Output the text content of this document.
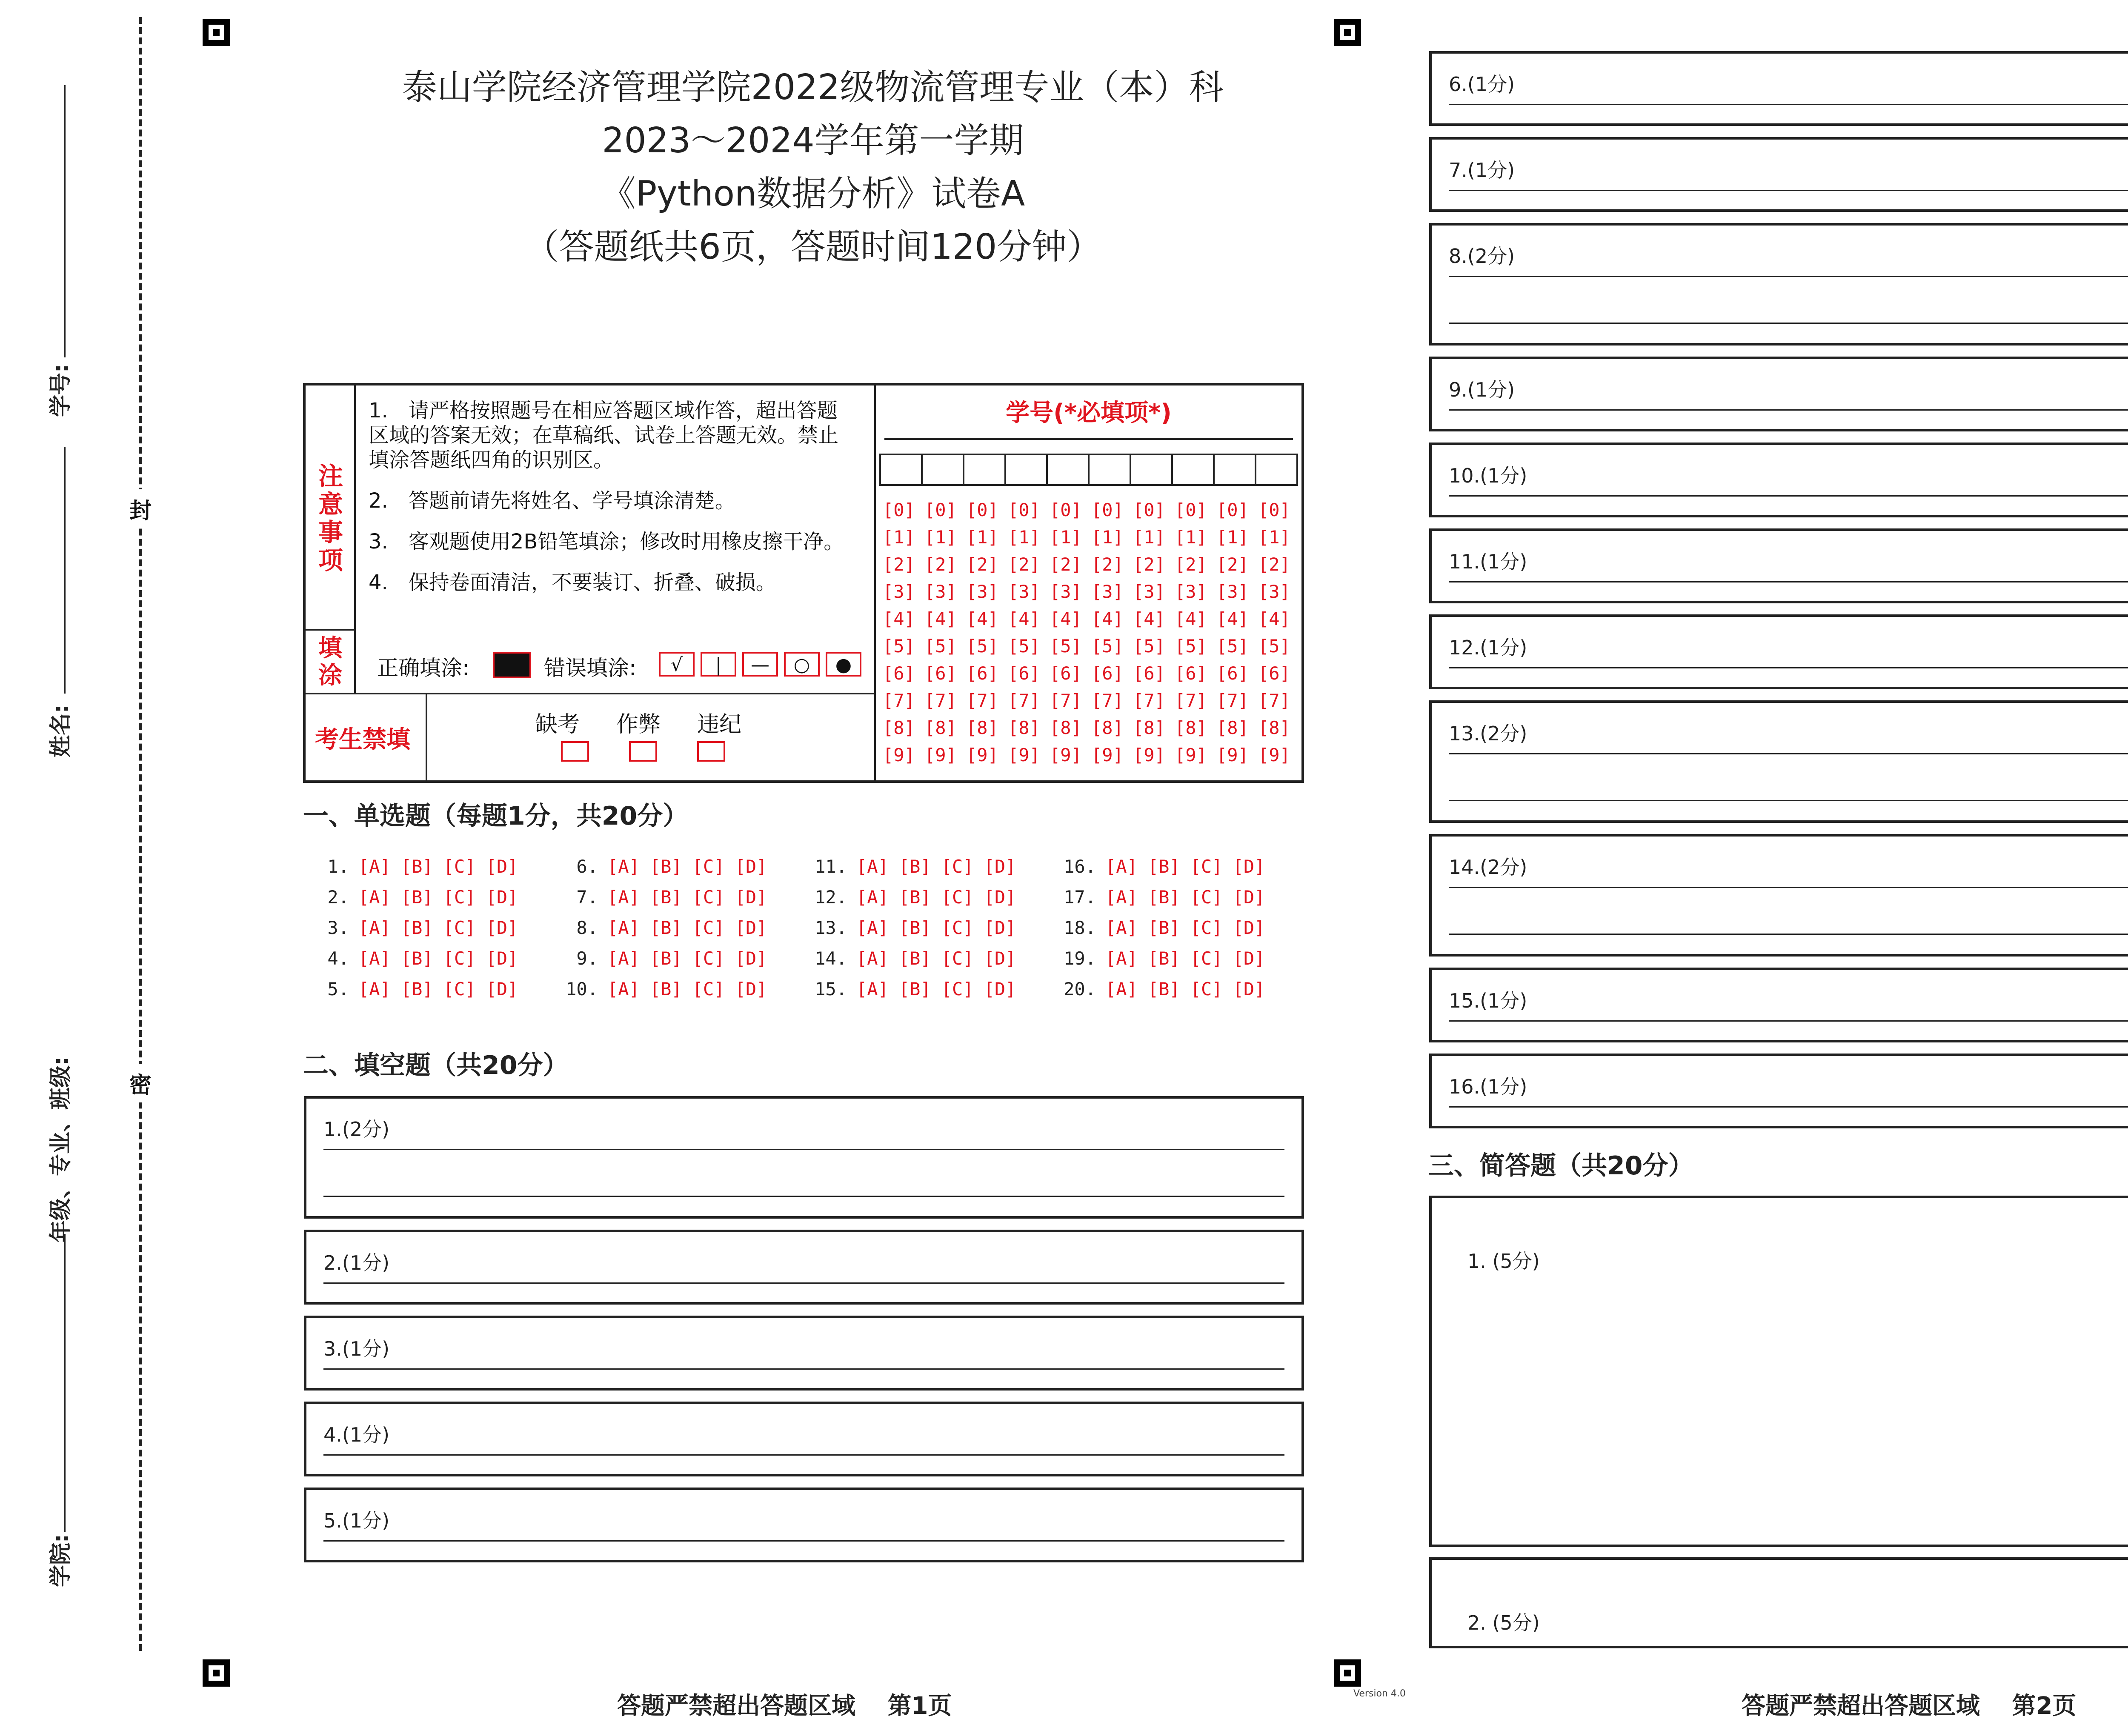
学号:
姓名:
年级、专业、班级:
学院:
封
密
泰山学院经济管理学院2022级物流管理专业（本）科
2023～2024学年第一学期
《Python数据分析》试卷A
（答题纸共6页，答题时间120分钟）
注意事项
1.　请严格按照题号在相应答题区域作答，超出答题区域的答案无效；在草稿纸、试卷上答题无效。禁止填涂答题纸四角的识别区。
2.　答题前请先将姓名、学号填涂清楚。
3.　客观题使用2B铅笔填涂；修改时用橡皮擦干净。
4.　保持卷面清洁，不要装订、折叠、破损。
填涂 正确填涂:	错误填涂:	√ | — ○ ●
考生禁填
缺考 作弊 违纪
学号(*必填项*)
[0] [0] [0] [0] [0] [0] [0] [0] [0] [0]
[1] [1] [1] [1] [1] [1] [1] [1] [1] [1]
[2] [2] [2] [2] [2] [2] [2] [2] [2] [2]
[3] [3] [3] [3] [3] [3] [3] [3] [3] [3]
[4] [4] [4] [4] [4] [4] [4] [4] [4] [4]
[5] [5] [5] [5] [5] [5] [5] [5] [5] [5]
[6] [6] [6] [6] [6] [6] [6] [6] [6] [6]
[7] [7] [7] [7] [7] [7] [7] [7] [7] [7]
[8] [8] [8] [8] [8] [8] [8] [8] [8] [8]
[9] [9] [9] [9] [9] [9] [9] [9] [9] [9]
一、单选题（每题1分，共20分）
1. [A] [B] [C] [D]
2. [A] [B] [C] [D]
3. [A] [B] [C] [D]
4. [A] [B] [C] [D]
5. [A] [B] [C] [D]
6. [A] [B] [C] [D]
7. [A] [B] [C] [D]
8. [A] [B] [C] [D]
9. [A] [B] [C] [D]
10. [A] [B] [C] [D]
11. [A] [B] [C] [D]
12. [A] [B] [C] [D]
13. [A] [B] [C] [D]
14. [A] [B] [C] [D]
15. [A] [B] [C] [D]
16. [A] [B] [C] [D]
17. [A] [B] [C] [D]
18. [A] [B] [C] [D]
19. [A] [B] [C] [D]
20. [A] [B] [C] [D]
二、填空题（共20分）
1.(2分)
2.(1分)
3.(1分)
4.(1分)
5.(1分)
6.(1分)
7.(1分)
8.(2分)
9.(1分)
10.(1分)
11.(1分)
12.(1分)
13.(2分)
14.(2分)
15.(1分)
16.(1分)
三、简答题（共20分）
1. (5分)
2. (5分)
答题严禁超出答题区域　 第1页	Version 4.0	答题严禁超出答题区域　 第2页
